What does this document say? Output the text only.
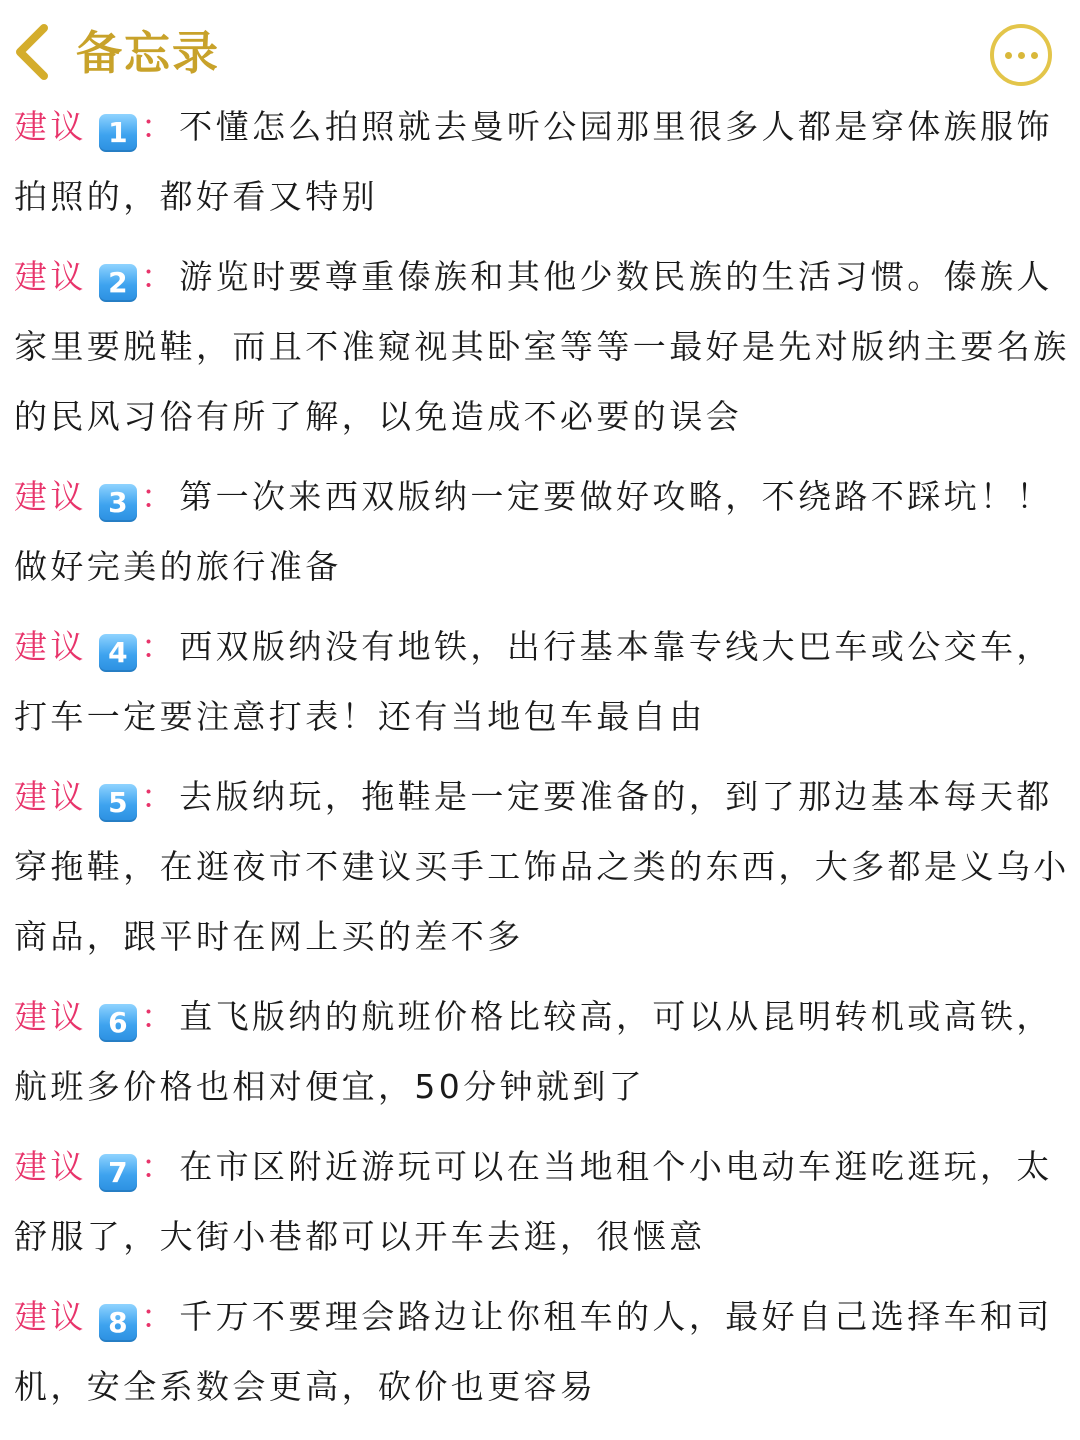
备忘录

建议 1 ：不懂怎么拍照就去曼听公园那里很多人都是穿体族服饰拍照的，都好看又特别

建议 2 ：游览时要尊重傣族和其他少数民族的生活习惯。傣族人家里要脱鞋，而且不准窥视其卧室等等一最好是先对版纳主要名族的民风习俗有所了解，以免造成不必要的误会

建议 3 ：第一次来西双版纳一定要做好攻略，不绕路不踩坑！！做好完美的旅行准备

建议 4 ：西双版纳没有地铁，出行基本靠专线大巴车或公交车，打车一定要注意打表！还有当地包车最自由

建议 5 ：去版纳玩，拖鞋是一定要准备的，到了那边基本每天都穿拖鞋，在逛夜市不建议买手工饰品之类的东西，大多都是义乌小商品，跟平时在网上买的差不多

建议 6 ：直飞版纳的航班价格比较高，可以从昆明转机或高铁，航班多价格也相对便宜，50分钟就到了

建议 7 ：在市区附近游玩可以在当地租个小电动车逛吃逛玩，太舒服了，大街小巷都可以开车去逛，很惬意

建议 8 ：千万不要理会路边让你租车的人，最好自己选择车和司机，安全系数会更高，砍价也更容易
